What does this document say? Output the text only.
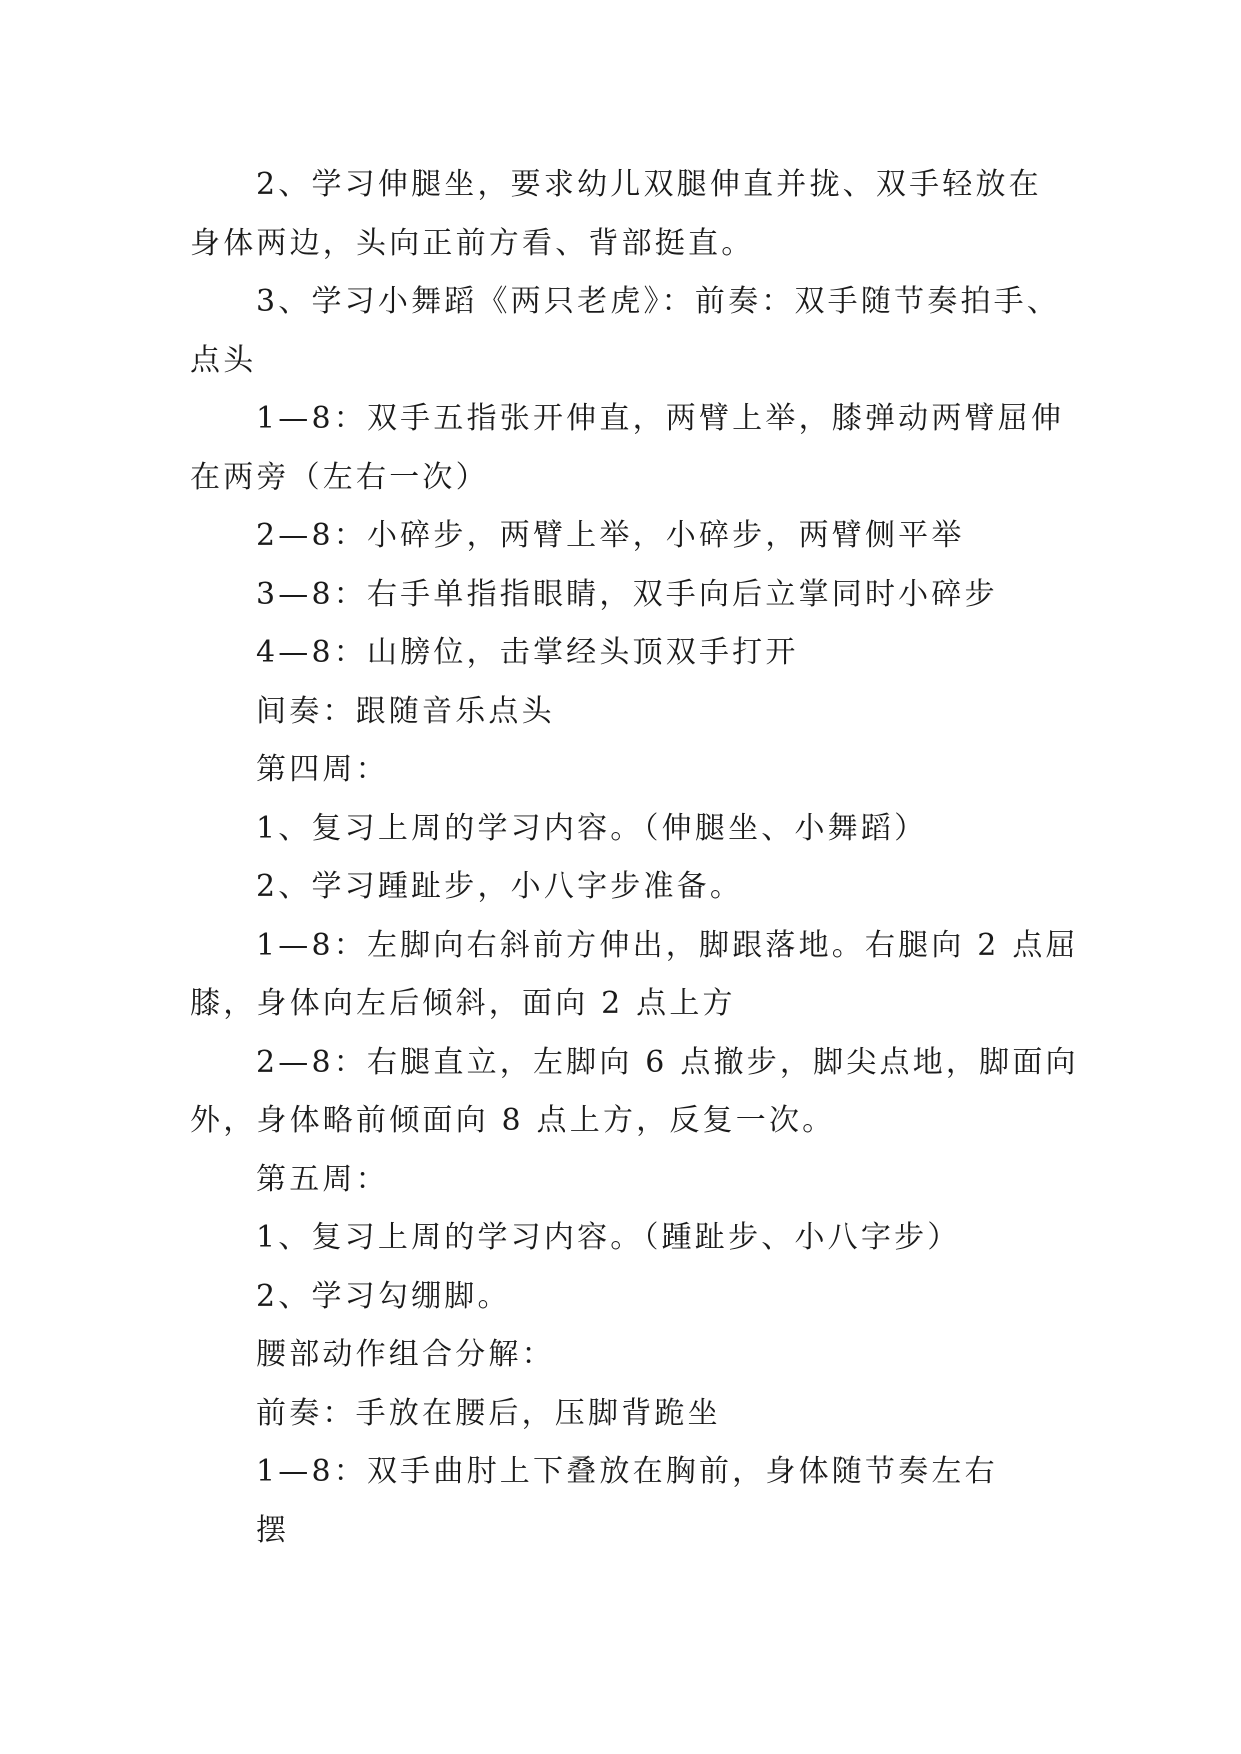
2、学习伸腿坐，要求幼儿双腿伸直并拢、双手轻放在

身体两边，头向正前方看、背部挺直。

3、学习小舞蹈《两只老虎》：前奏：双手随节奏拍手、

点头

1—8：双手五指张开伸直，两臂上举，膝弹动两臂屈伸

在两旁（左右一次）

2—8：小碎步，两臂上举，小碎步，两臂侧平举

3—8：右手单指指眼睛，双手向后立掌同时小碎步

4—8：山膀位，击掌经头顶双手打开

间奏：跟随音乐点头

第四周：

1、复习上周的学习内容。（伸腿坐、小舞蹈）

2、学习踵趾步，小八字步准备。

1—8：左脚向右斜前方伸出，脚跟落地。右腿向 2 点屈

膝，身体向左后倾斜，面向 2 点上方

2—8：右腿直立，左脚向 6 点撤步，脚尖点地，脚面向

外，身体略前倾面向 8 点上方，反复一次。

第五周：

1、复习上周的学习内容。（踵趾步、小八字步）

2、学习勾绷脚。

腰部动作组合分解：

前奏：手放在腰后，压脚背跪坐

1—8：双手曲肘上下叠放在胸前，身体随节奏左右

摆
